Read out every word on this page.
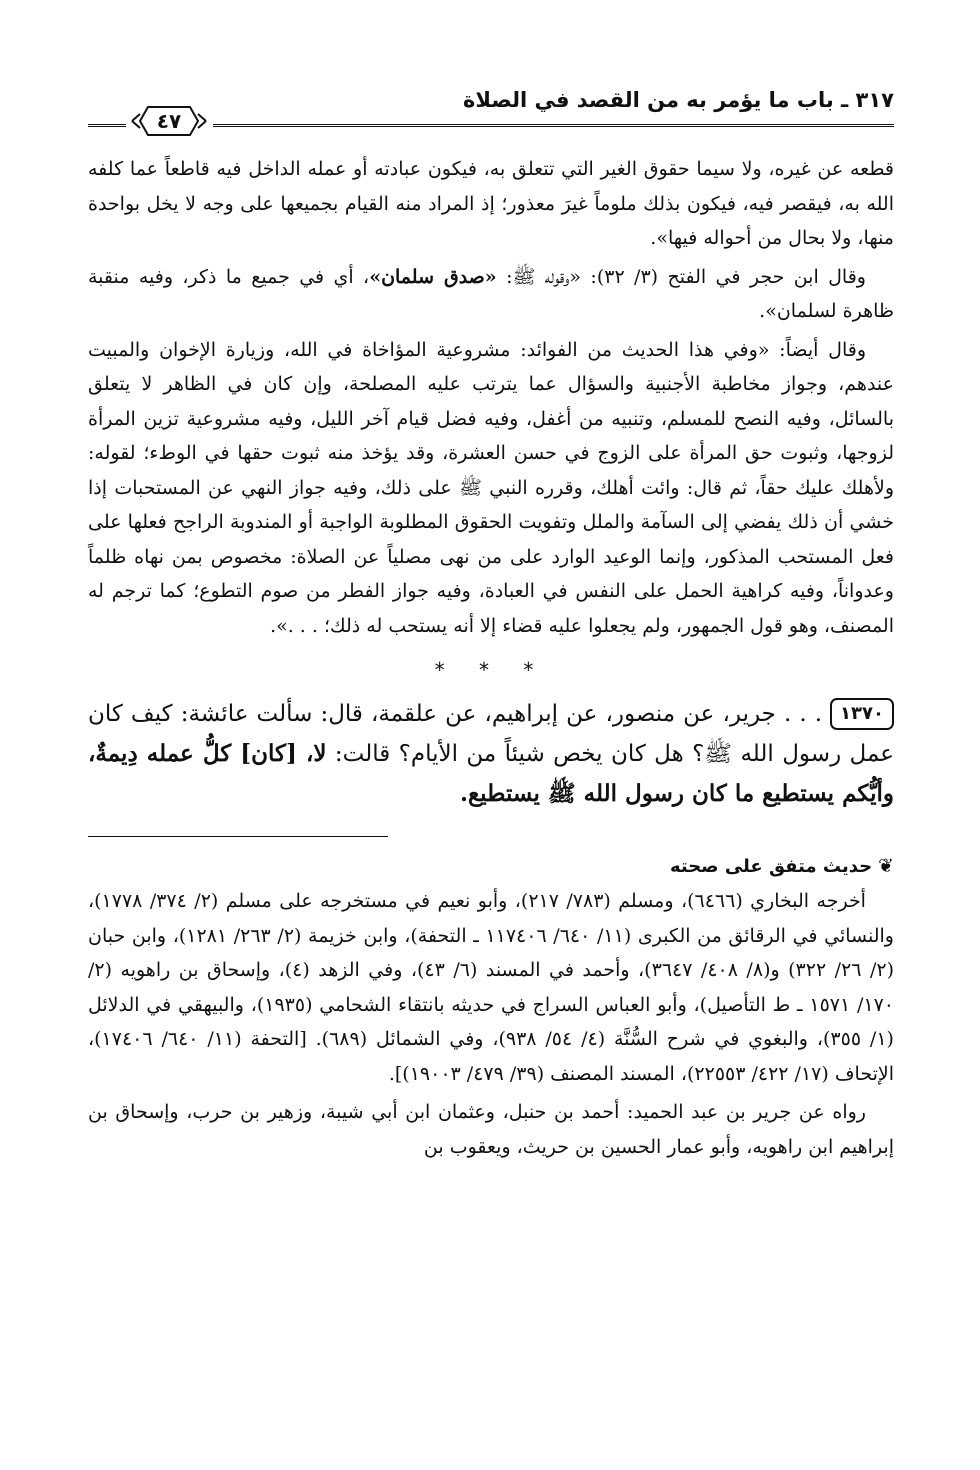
٣١٧ ـ باب ما يؤمر به من القصد في الصلاة
٤٧

قطعه عن غيره، ولا سيما حقوق الغير التي تتعلق به، فيكون عبادته أو عمله الداخل فيه قاطعاً عما كلفه الله به، فيقصر فيه، فيكون بذلك ملوماً غيرَ معذور؛ إذ المراد منه القيام بجميعها على وجه لا يخل بواحدة منها، ولا بحال من أحواله فيها».

وقال ابن حجر في الفتح (٣/ ٣٢): «وقوله ﷺ: «صدق سلمان»، أي في جميع ما ذكر، وفيه منقبة ظاهرة لسلمان».

وقال أيضاً: «وفي هذا الحديث من الفوائد: مشروعية المؤاخاة في الله، وزيارة الإخوان والمبيت عندهم، وجواز مخاطبة الأجنبية والسؤال عما يترتب عليه المصلحة، وإن كان في الظاهر لا يتعلق بالسائل، وفيه النصح للمسلم، وتنبيه من أغفل، وفيه فضل قيام آخر الليل، وفيه مشروعية تزين المرأة لزوجها، وثبوت حق المرأة على الزوج في حسن العشرة، وقد يؤخذ منه ثبوت حقها في الوطء؛ لقوله: ولأهلك عليك حقاً، ثم قال: وائت أهلك، وقرره النبي ﷺ على ذلك، وفيه جواز النهي عن المستحبات إذا خشي أن ذلك يفضي إلى السآمة والملل وتفويت الحقوق المطلوبة الواجبة أو المندوبة الراجح فعلها على فعل المستحب المذكور، وإنما الوعيد الوارد على من نهى مصلياً عن الصلاة: مخصوص بمن نهاه ظلماً وعدواناً، وفيه كراهية الحمل على النفس في العبادة، وفيه جواز الفطر من صوم التطوع؛ كما ترجم له المصنف، وهو قول الجمهور، ولم يجعلوا عليه قضاء إلا أنه يستحب له ذلك؛ . . .».

* * *

١٣٧٠. . . جرير، عن منصور، عن إبراهيم، عن علقمة، قال: سألت عائشة: كيف كان عمل رسول الله ﷺ؟ هل كان يخص شيئاً من الأيام؟ قالت: لا، [كان] كلُّ عمله دِيمةٌ، وأيُّكم يستطيع ما كان رسول الله ﷺ يستطيع.

❦حديث متفق على صحته

أخرجه البخاري (٦٤٦٦)، ومسلم (٧٨٣/ ٢١٧)، وأبو نعيم في مستخرجه على مسلم (٢/ ٣٧٤/ ١٧٧٨)، والنسائي في الرقائق من الكبرى (١١/ ٦٤٠/ ١١٧٤٠٦ ـ التحفة)، وابن خزيمة (٢/ ٢٦٣/ ١٢٨١)، وابن حبان (٢/ ٢٦/ ٣٢٢) و(٨/ ٤٠٨/ ٣٦٤٧)، وأحمد في المسند (٦/ ٤٣)، وفي الزهد (٤)، وإسحاق بن راهويه (٢/ ١٧٠/ ١٥٧١ ـ ط التأصيل)، وأبو العباس السراج في حديثه بانتقاء الشحامي (١٩٣٥)، والبيهقي في الدلائل (١/ ٣٥٥)، والبغوي في شرح السُّنَّة (٤/ ٥٤/ ٩٣٨)، وفي الشمائل (٦٨٩). [التحفة (١١/ ٦٤٠/ ١٧٤٠٦)، الإتحاف (١٧/ ٤٢٢/ ٢٢٥٥٣)، المسند المصنف (٣٩/ ٤٧٩/ ١٩٠٠٣)].

رواه عن جرير بن عبد الحميد: أحمد بن حنبل، وعثمان ابن أبي شيبة، وزهير بن حرب، وإسحاق بن إبراهيم ابن راهويه، وأبو عمار الحسين بن حريث، ويعقوب بن
